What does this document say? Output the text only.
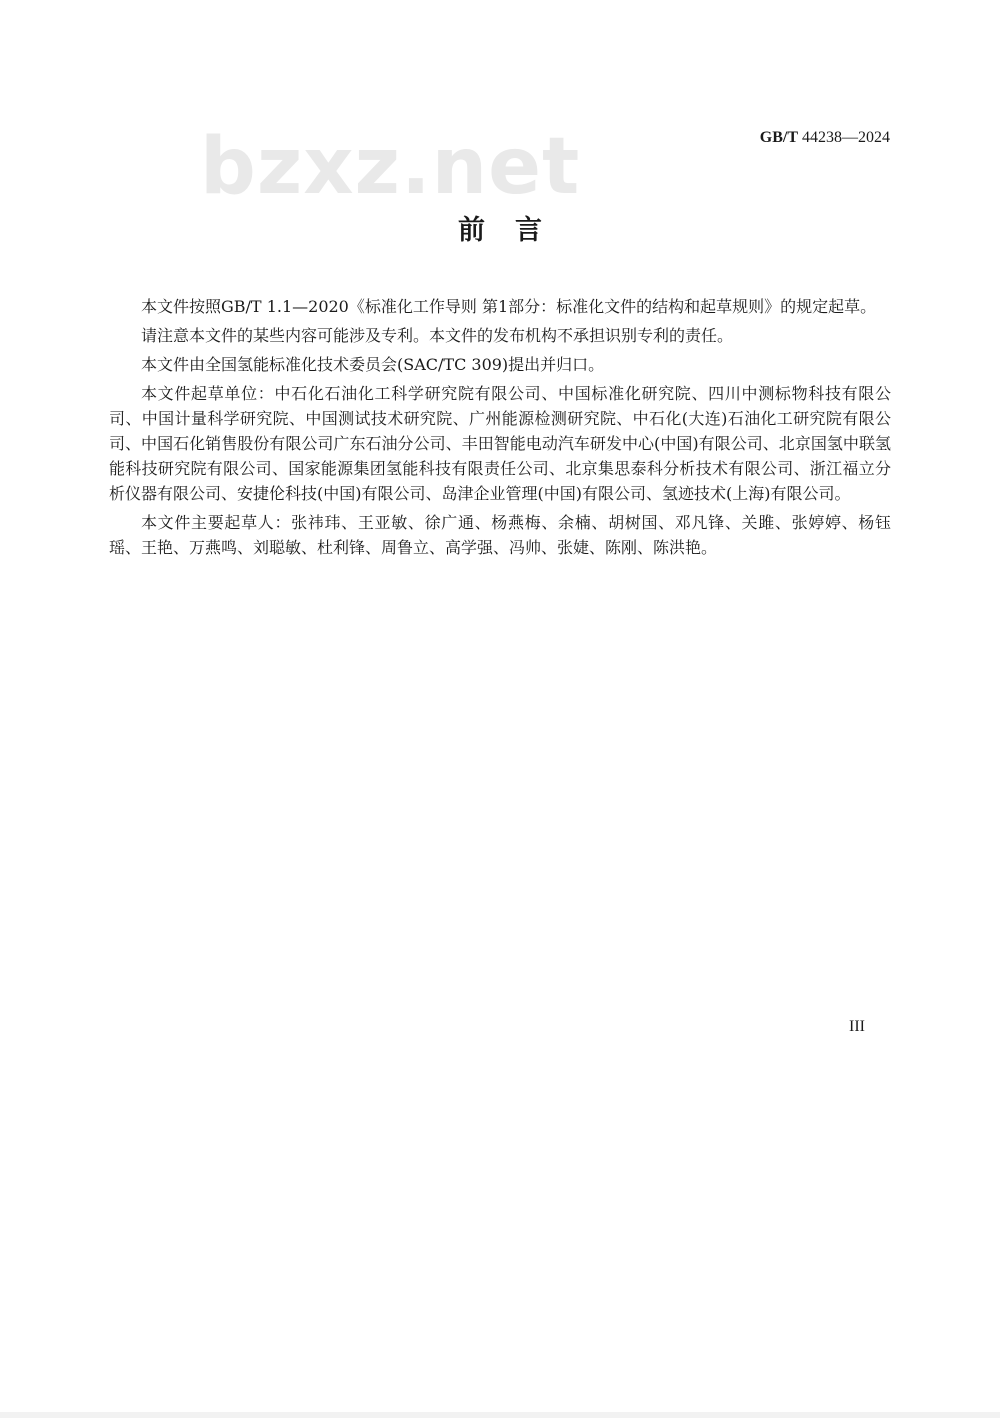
bzxz.net	GB/T 44238—2024
前言

本文件按照GB/T 1.1—2020《标准化工作导则 第1部分：标准化文件的结构和起草规则》的规定起草。

请注意本文件的某些内容可能涉及专利。本文件的发布机构不承担识别专利的责任。

本文件由全国氢能标准化技术委员会(SAC/TC 309)提出并归口。

本文件起草单位：中石化石油化工科学研究院有限公司、中国标准化研究院、四川中测标物科技有限公司、中国计量科学研究院、中国测试技术研究院、广州能源检测研究院、中石化(大连)石油化工研究院有限公司、中国石化销售股份有限公司广东石油分公司、丰田智能电动汽车研发中心(中国)有限公司、北京国氢中联氢能科技研究院有限公司、国家能源集团氢能科技有限责任公司、北京集思泰科分析技术有限公司、浙江福立分析仪器有限公司、安捷伦科技(中国)有限公司、岛津企业管理(中国)有限公司、氢迹技术(上海)有限公司。

本文件主要起草人：张祎玮、王亚敏、徐广通、杨燕梅、余楠、胡树国、邓凡锋、关雎、张婷婷、杨钰瑶、王艳、万燕鸣、刘聪敏、杜利锋、周鲁立、高学强、冯帅、张婕、陈刚、陈洪艳。

III
